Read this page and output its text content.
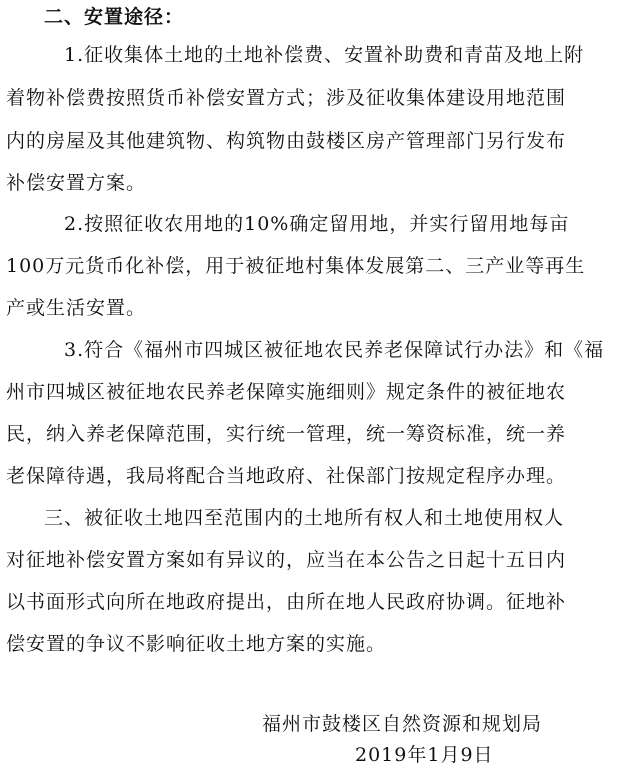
二、安置途径：
1.征收集体土地的土地补偿费、安置补助费和青苗及地上附
着物补偿费按照货币补偿安置方式；涉及征收集体建设用地范围
内的房屋及其他建筑物、构筑物由鼓楼区房产管理部门另行发布
补偿安置方案。
2.按照征收农用地的10%确定留用地，并实行留用地每亩
100万元货币化补偿，用于被征地村集体发展第二、三产业等再生
产或生活安置。
3.符合《福州市四城区被征地农民养老保障试行办法》和《福
州市四城区被征地农民养老保障实施细则》规定条件的被征地农
民，纳入养老保障范围，实行统一管理，统一筹资标准，统一养
老保障待遇，我局将配合当地政府、社保部门按规定程序办理。
三、被征收土地四至范围内的土地所有权人和土地使用权人
对征地补偿安置方案如有异议的，应当在本公告之日起十五日内
以书面形式向所在地政府提出，由所在地人民政府协调。征地补
偿安置的争议不影响征收土地方案的实施。
福州市鼓楼区自然资源和规划局
2019年1月9日
